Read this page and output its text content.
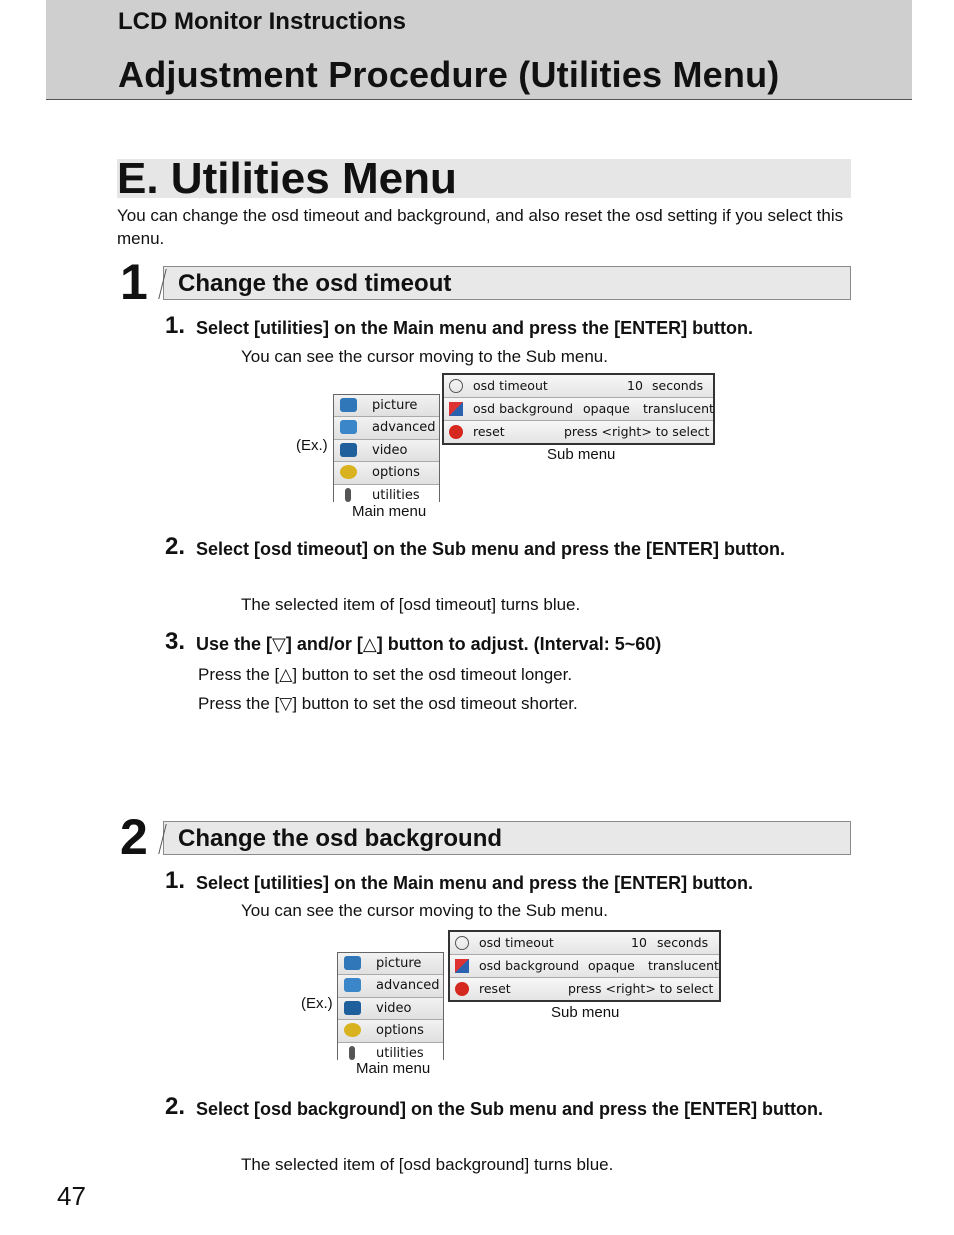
LCD Monitor Instructions
Adjustment Procedure (Utilities Menu)
E. Utilities Menu
You can change the osd timeout and background, and also reset the osd setting if you select this menu.
1 Change the osd timeout
1. Select [utilities] on the Main menu and press the [ENTER] button.
You can see the cursor moving to the Sub menu.
(Ex.)
picture
advanced
video
options
utilities
Main menu
osd timeout	10 seconds
osd background opaque translucent
reset	press <right> to select
Sub menu
2. Select [osd timeout] on the Sub menu and press the [ENTER] button.
The selected item of [osd timeout] turns blue.
3. Use the [▽] and/or [△] button to adjust. (Interval: 5~60)
Press the [△] button to set the osd timeout longer.
Press the [▽] button to set the osd timeout shorter.
2 Change the osd background
1. Select [utilities] on the Main menu and press the [ENTER] button.
You can see the cursor moving to the Sub menu.
(Ex.)
picture
advanced
video
options
utilities
Main menu
osd timeout	10 seconds
osd background opaque translucent
reset	press <right> to select
Sub menu
2. Select [osd background] on the Sub menu and press the [ENTER] button.
The selected item of [osd background] turns blue.
47
